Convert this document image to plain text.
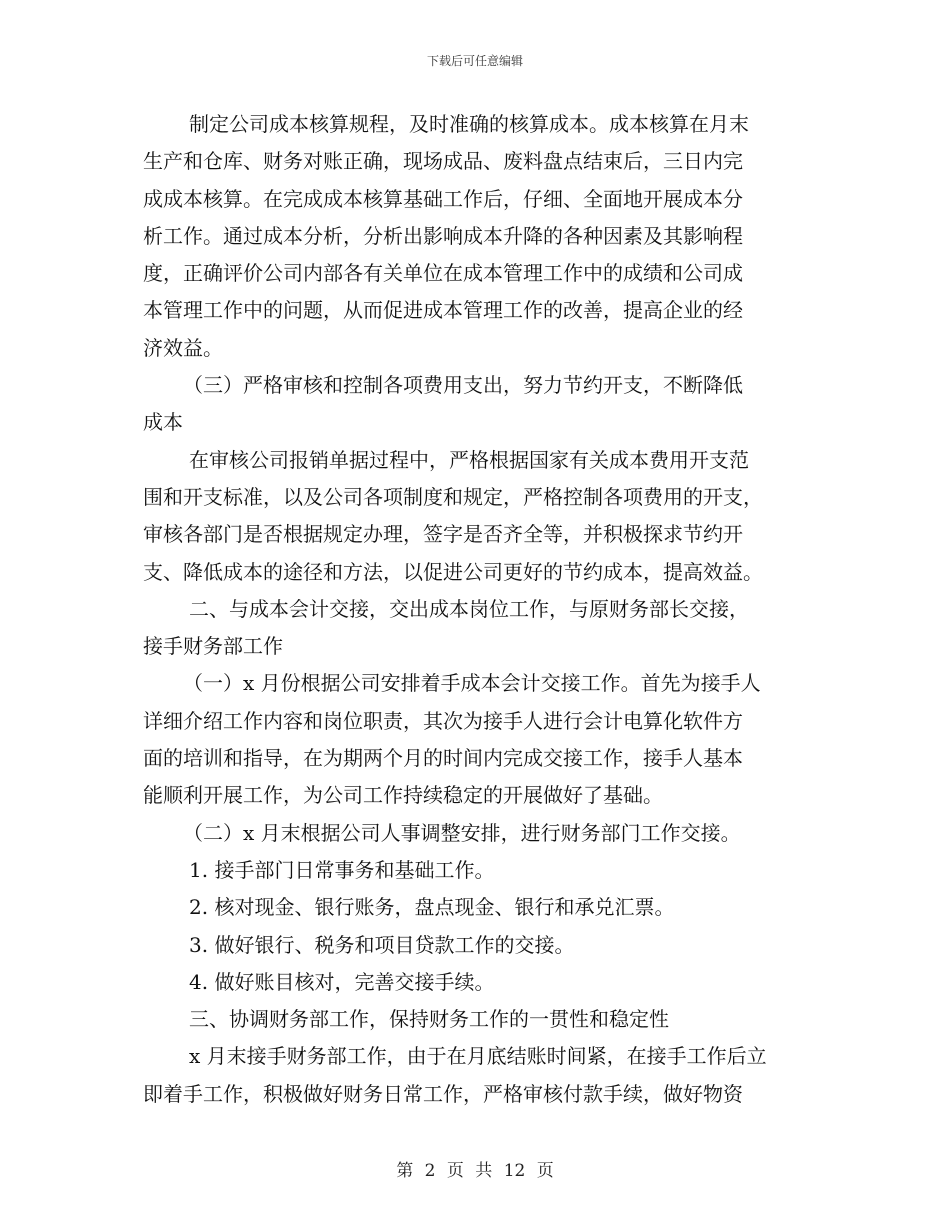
下载后可任意编辑
制定公司成本核算规程，及时准确的核算成本。成本核算在月末
生产和仓库、财务对账正确，现场成品、废料盘点结束后，三日内完
成成本核算。在完成成本核算基础工作后，仔细、全面地开展成本分
析工作。通过成本分析，分析出影响成本升降的各种因素及其影响程
度，正确评价公司内部各有关单位在成本管理工作中的成绩和公司成
本管理工作中的问题，从而促进成本管理工作的改善，提高企业的经
济效益。
（三）严格审核和控制各项费用支出，努力节约开支，不断降低
成本
在审核公司报销单据过程中，严格根据国家有关成本费用开支范
围和开支标准，以及公司各项制度和规定，严格控制各项费用的开支，
审核各部门是否根据规定办理，签字是否齐全等，并积极探求节约开
支、降低成本的途径和方法，以促进公司更好的节约成本，提高效益。
二、与成本会计交接，交出成本岗位工作，与原财务部长交接，
接手财务部工作
（一）x 月份根据公司安排着手成本会计交接工作。首先为接手人
详细介绍工作内容和岗位职责，其次为接手人进行会计电算化软件方
面的培训和指导，在为期两个月的时间内完成交接工作，接手人基本
能顺利开展工作，为公司工作持续稳定的开展做好了基础。
（二）x 月末根据公司人事调整安排，进行财务部门工作交接。
1. 接手部门日常事务和基础工作。
2. 核对现金、银行账务，盘点现金、银行和承兑汇票。
3. 做好银行、税务和项目贷款工作的交接。
4. 做好账目核对，完善交接手续。
三、协调财务部工作，保持财务工作的一贯性和稳定性
x 月末接手财务部工作，由于在月底结账时间紧，在接手工作后立
即着手工作，积极做好财务日常工作，严格审核付款手续，做好物资
第 2 页 共 12 页
